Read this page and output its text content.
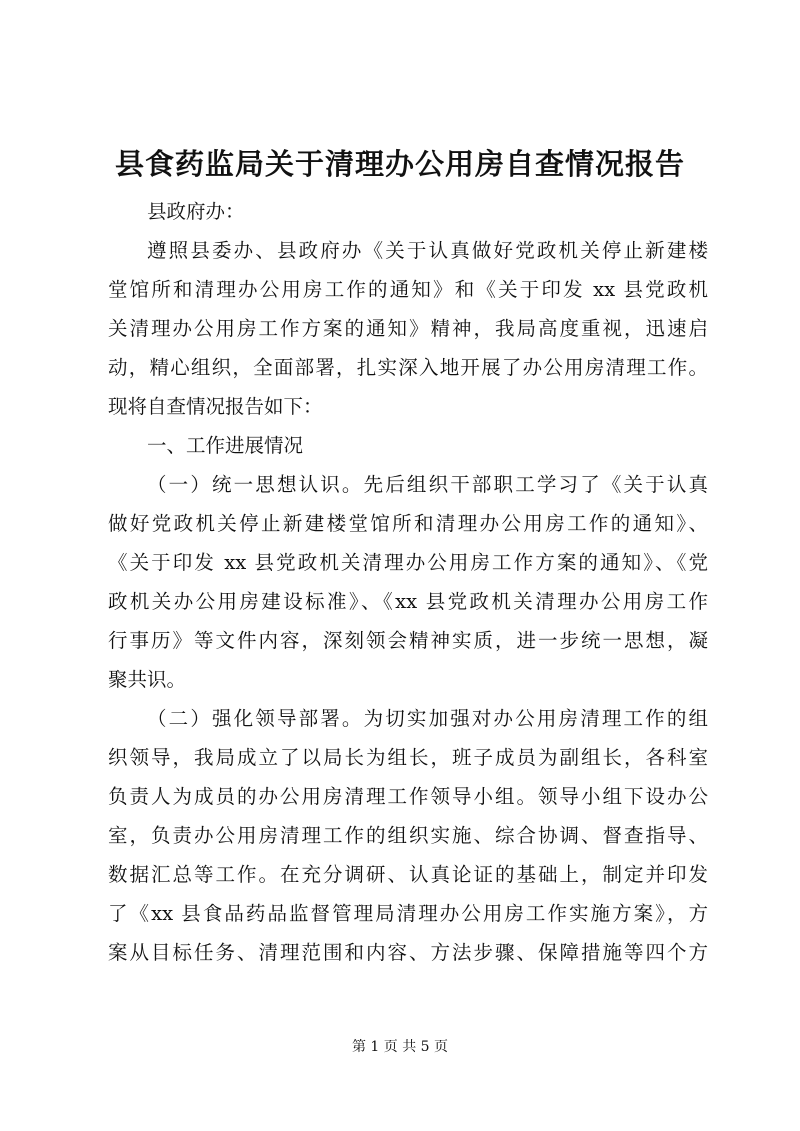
县食药监局关于清理办公用房自查情况报告
县政府办：
遵照县委办、县政府办《关于认真做好党政机关停止新建楼
堂馆所和清理办公用房工作的通知》和《关于印发 xx 县党政机
关清理办公用房工作方案的通知》精神，我局高度重视，迅速启
动，精心组织，全面部署，扎实深入地开展了办公用房清理工作。
现将自查情况报告如下：
一、工作进展情况
（一）统一思想认识。先后组织干部职工学习了《关于认真
做好党政机关停止新建楼堂馆所和清理办公用房工作的通知》、
《关于印发 xx 县党政机关清理办公用房工作方案的通知》、《党
政机关办公用房建设标准》、《xx 县党政机关清理办公用房工作
行事历》等文件内容，深刻领会精神实质，进一步统一思想，凝
聚共识。
（二）强化领导部署。为切实加强对办公用房清理工作的组
织领导，我局成立了以局长为组长，班子成员为副组长，各科室
负责人为成员的办公用房清理工作领导小组。领导小组下设办公
室，负责办公用房清理工作的组织实施、综合协调、督查指导、
数据汇总等工作。在充分调研、认真论证的基础上，制定并印发
了《xx 县食品药品监督管理局清理办公用房工作实施方案》，方
案从目标任务、清理范围和内容、方法步骤、保障措施等四个方
第 1 页 共 5 页
